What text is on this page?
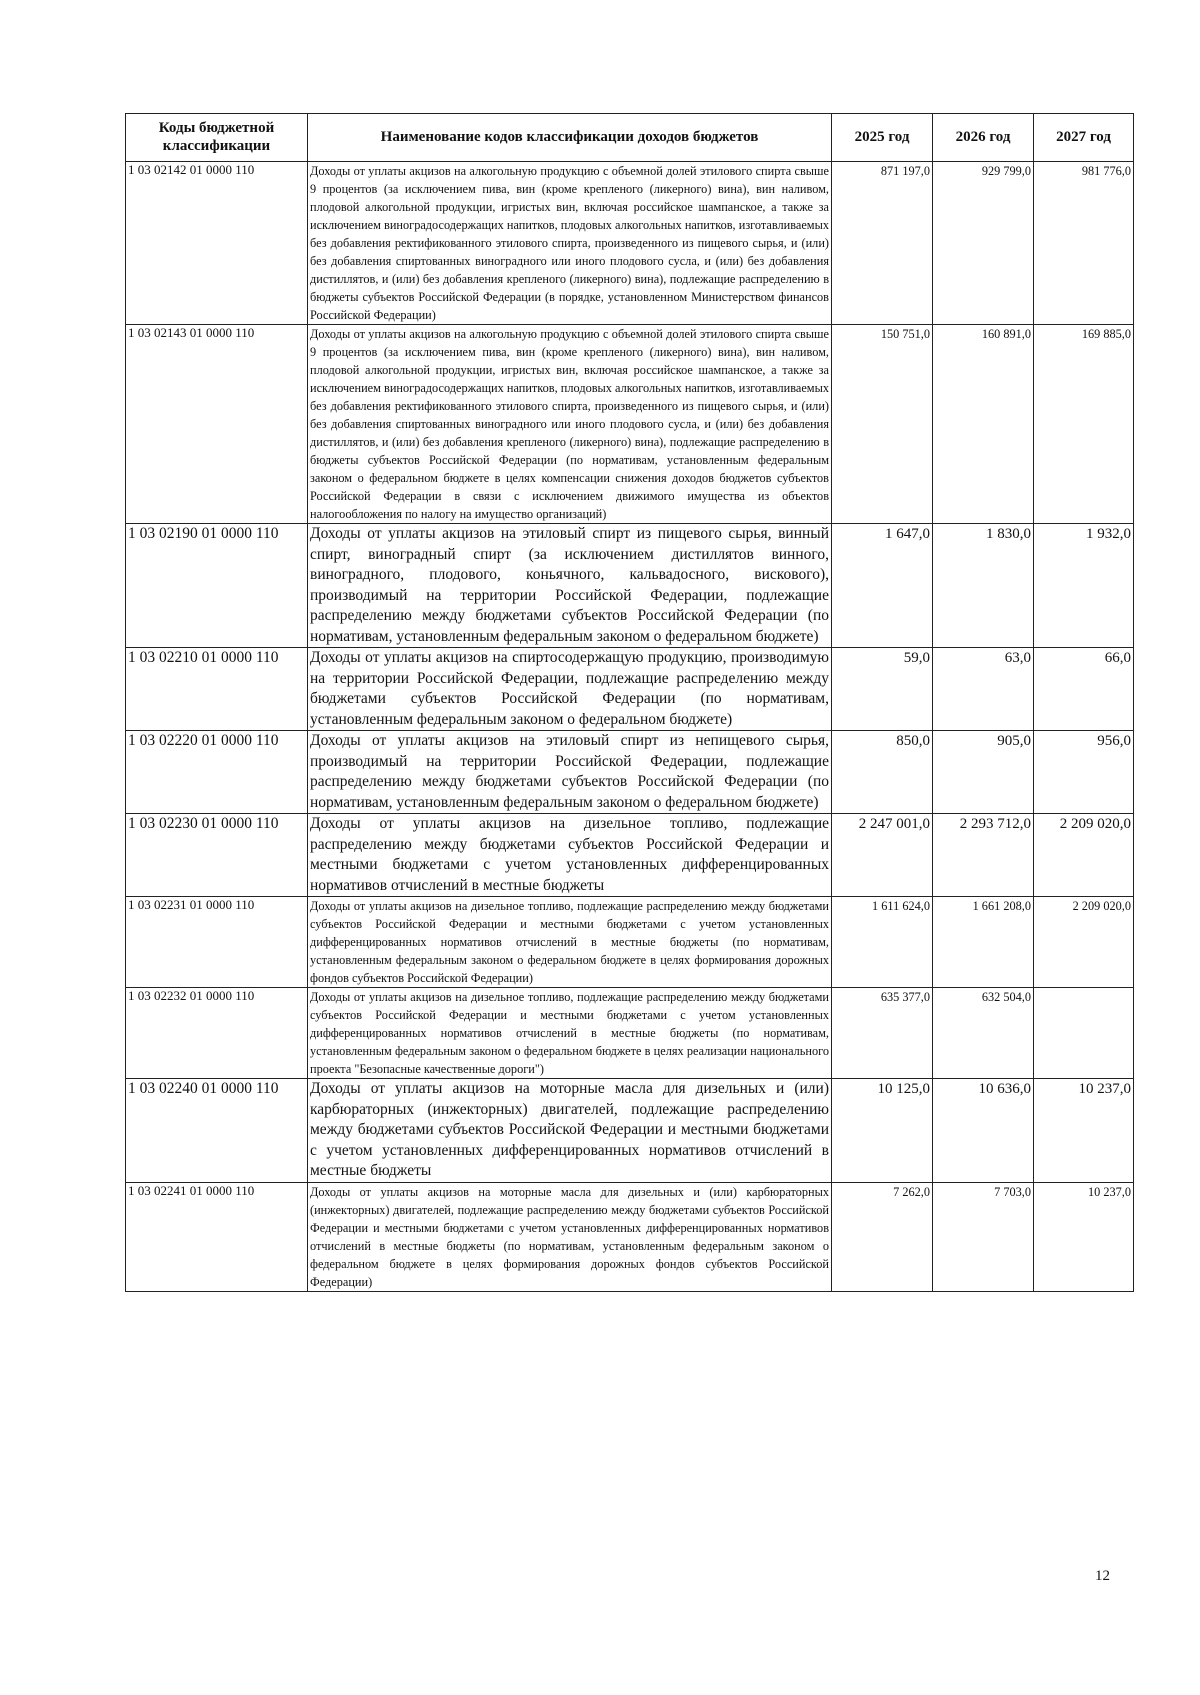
Коды бюджетной классификации	Наименование кодов классификации доходов бюджетов	2025 год	2026 год	2027 год
1 03 02142 01 0000 110	Доходы от уплаты акцизов на алкогольную продукцию с объемной долей этилового спирта свыше 9 процентов (за исключением пива, вин (кроме крепленого (ликерного) вина), вин наливом, плодовой алкогольной продукции, игристых вин, включая российское шампанское, а также за исключением виноградосодержащих напитков, плодовых алкогольных напитков, изготавливаемых без добавления ректификованного этилового спирта, произведенного из пищевого сырья, и (или) без добавления спиртованных виноградного или иного плодового сусла, и (или) без добавления дистиллятов, и (или) без добавления крепленого (ликерного) вина), подлежащие распределению в бюджеты субъектов Российской Федерации (в порядке, установленном Министерством финансов Российской Федерации)	871 197,0	929 799,0	981 776,0
1 03 02143 01 0000 110	Доходы от уплаты акцизов на алкогольную продукцию с объемной долей этилового спирта свыше 9 процентов (за исключением пива, вин (кроме крепленого (ликерного) вина), вин наливом, плодовой алкогольной продукции, игристых вин, включая российское шампанское, а также за исключением виноградосодержащих напитков, плодовых алкогольных напитков, изготавливаемых без добавления ректификованного этилового спирта, произведенного из пищевого сырья, и (или) без добавления спиртованных виноградного или иного плодового сусла, и (или) без добавления дистиллятов, и (или) без добавления крепленого (ликерного) вина), подлежащие распределению в бюджеты субъектов Российской Федерации (по нормативам, установленным федеральным законом о федеральном бюджете в целях компенсации снижения доходов бюджетов субъектов Российской Федерации в связи с исключением движимого имущества из объектов налогообложения по налогу на имущество организаций)	150 751,0	160 891,0	169 885,0
1 03 02190 01 0000 110	Доходы от уплаты акцизов на этиловый спирт из пищевого сырья, винный спирт, виноградный спирт (за исключением дистиллятов винного, виноградного, плодового, коньячного, кальвадосного, вискового), производимый на территории Российской Федерации, подлежащие распределению между бюджетами субъектов Российской Федерации (по нормативам, установленным федеральным законом о федеральном бюджете)	1 647,0	1 830,0	1 932,0
1 03 02210 01 0000 110	Доходы от уплаты акцизов на спиртосодержащую продукцию, производимую на территории Российской Федерации, подлежащие распределению между бюджетами субъектов Российской Федерации (по нормативам, установленным федеральным законом о федеральном бюджете)	59,0	63,0	66,0
1 03 02220 01 0000 110	Доходы от уплаты акцизов на этиловый спирт из непищевого сырья, производимый на территории Российской Федерации, подлежащие распределению между бюджетами субъектов Российской Федерации (по нормативам, установленным федеральным законом о федеральном бюджете)	850,0	905,0	956,0
1 03 02230 01 0000 110	Доходы от уплаты акцизов на дизельное топливо, подлежащие распределению между бюджетами субъектов Российской Федерации и местными бюджетами с учетом установленных дифференцированных нормативов отчислений в местные бюджеты	2 247 001,0	2 293 712,0	2 209 020,0
1 03 02231 01 0000 110	Доходы от уплаты акцизов на дизельное топливо, подлежащие распределению между бюджетами субъектов Российской Федерации и местными бюджетами с учетом установленных дифференцированных нормативов отчислений в местные бюджеты (по нормативам, установленным федеральным законом о федеральном бюджете в целях формирования дорожных фондов субъектов Российской Федерации)	1 611 624,0	1 661 208,0	2 209 020,0
1 03 02232 01 0000 110	Доходы от уплаты акцизов на дизельное топливо, подлежащие распределению между бюджетами субъектов Российской Федерации и местными бюджетами с учетом установленных дифференцированных нормативов отчислений в местные бюджеты (по нормативам, установленным федеральным законом о федеральном бюджете в целях реализации национального проекта "Безопасные качественные дороги")	635 377,0	632 504,0	
1 03 02240 01 0000 110	Доходы от уплаты акцизов на моторные масла для дизельных и (или) карбюраторных (инжекторных) двигателей, подлежащие распределению между бюджетами субъектов Российской Федерации и местными бюджетами с учетом установленных дифференцированных нормативов отчислений в местные бюджеты	10 125,0	10 636,0	10 237,0
1 03 02241 01 0000 110	Доходы от уплаты акцизов на моторные масла для дизельных и (или) карбюраторных (инжекторных) двигателей, подлежащие распределению между бюджетами субъектов Российской Федерации и местными бюджетами с учетом установленных дифференцированных нормативов отчислений в местные бюджеты (по нормативам, установленным федеральным законом о федеральном бюджете в целях формирования дорожных фондов субъектов Российской Федерации)	7 262,0	7 703,0	10 237,0
12
